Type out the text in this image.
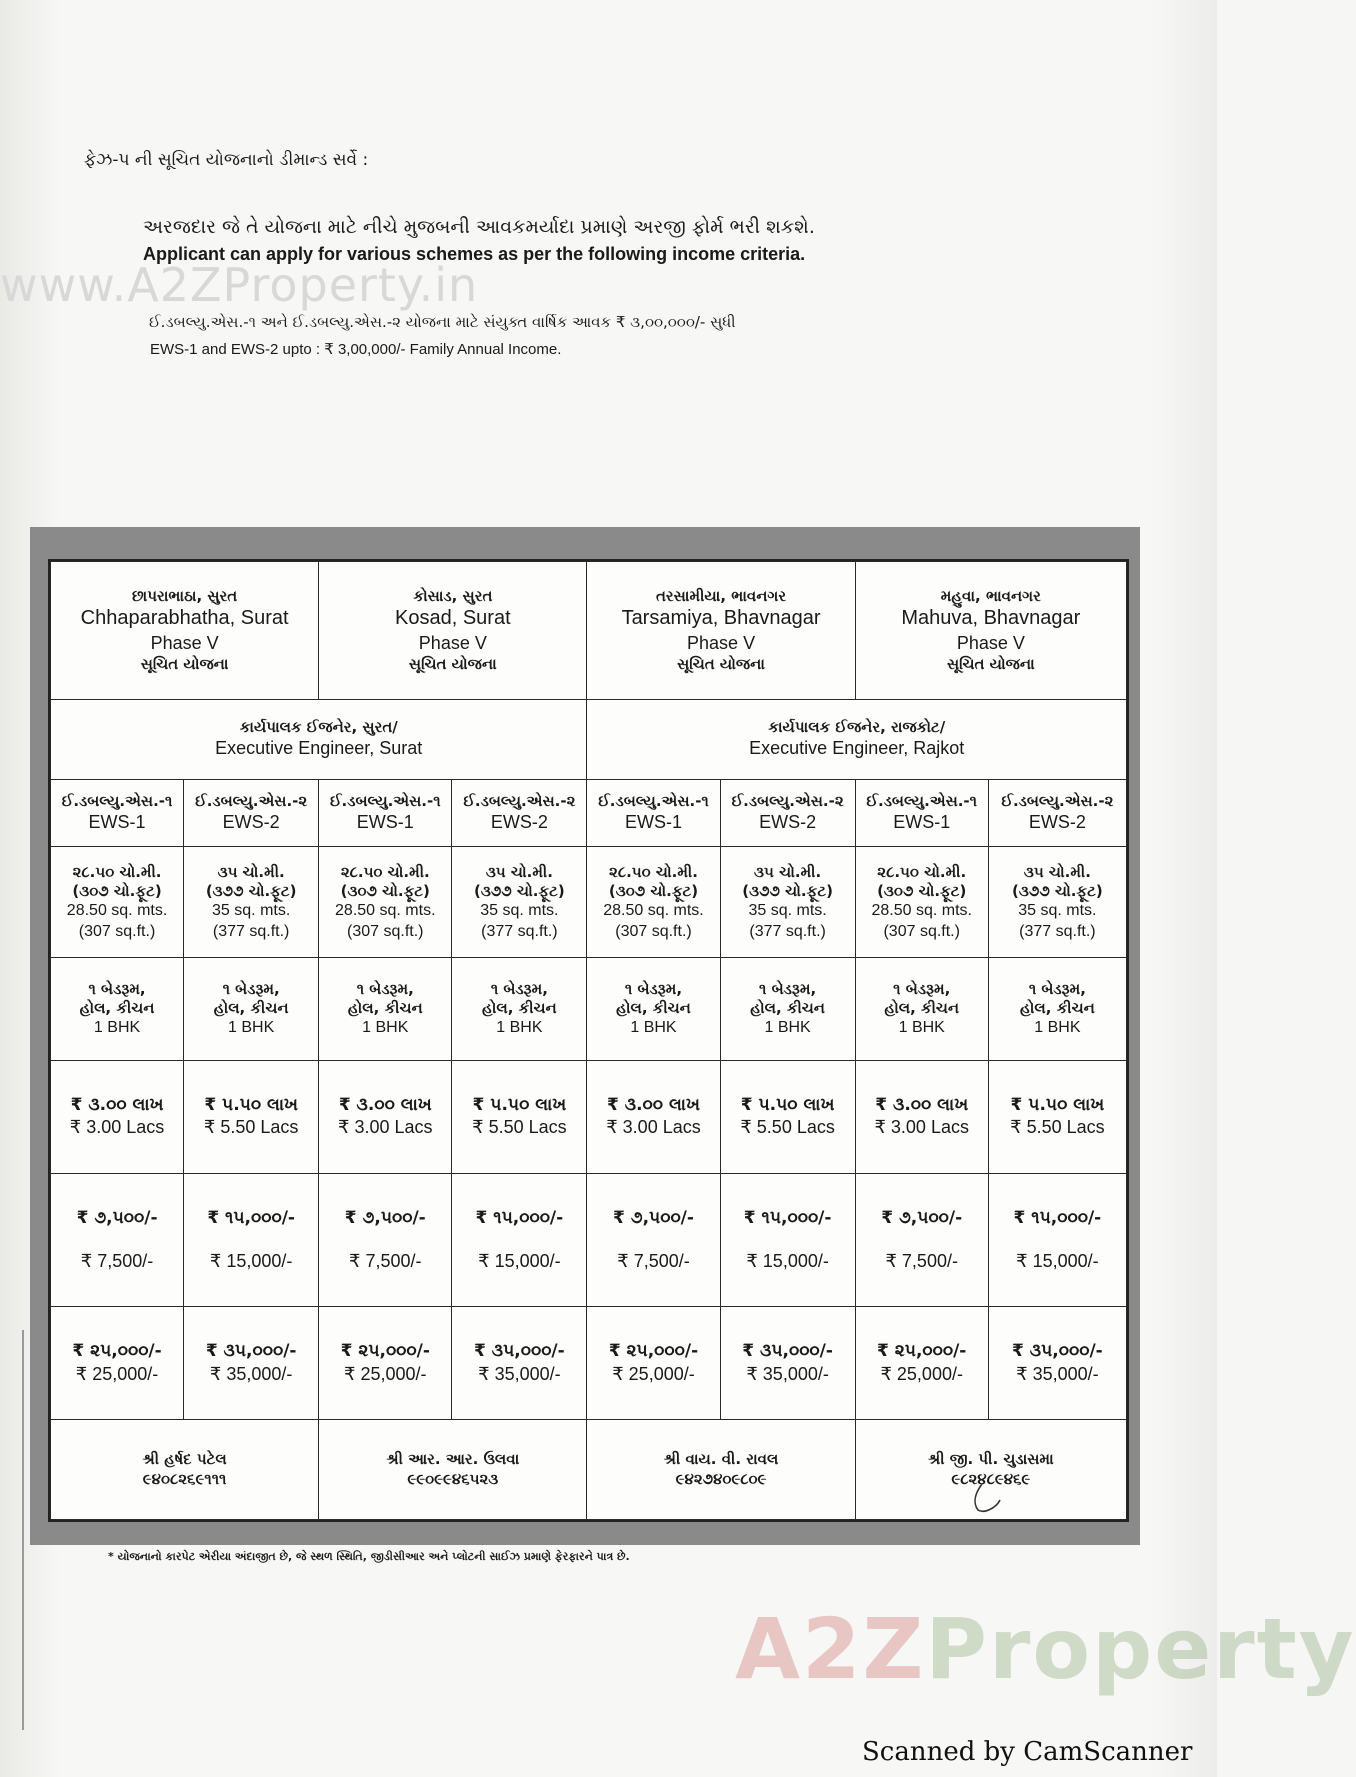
www.A2ZProperty.in
ફેઝ-પ ની સૂચિત યોજનાનો ડીમાન્ડ સર્વે :
અરજદાર જે તે યોજના માટે નીચે મુજબની આવકમર્યાદા પ્રમાણે અરજી ફોર્મ ભરી શકશે.
Applicant can apply for various schemes as per the following income criteria.
ઈ.ડબલ્યુ.એસ.-૧ અને ઈ.ડબલ્યુ.એસ.-૨ યોજના માટે સંયુક્ત વાર્ષિક આવક ₹ ૩,૦૦,૦૦૦/- સુધી
EWS-1 and EWS-2 upto : ₹ 3,00,000/- Family Annual Income.
છાપરાભાઠા, સુરત
Chhaparabhatha, Surat
Phase V
સૂચિત યોજના		કોસાડ, સુરત
Kosad, Surat
Phase V
સૂચિત યોજના		તરસામીયા, ભાવનગર
Tarsamiya, Bhavnagar
Phase V
સૂચિત યોજના		મહુવા, ભાવનગર
Mahuva, Bhavnagar
Phase V
સૂચિત યોજના	

કાર્યપાલક ઈજનેર, સુરત/
Executive Engineer, Surat				કાર્યપાલક ઈજનેર, રાજકોટ/
Executive Engineer, Rajkot			

ઈ.ડબલ્યુ.એસ.-૧
EWS-1	ઈ.ડબલ્યુ.એસ.-૨
EWS-2	ઈ.ડબલ્યુ.એસ.-૧
EWS-1	ઈ.ડબલ્યુ.એસ.-૨
EWS-2	ઈ.ડબલ્યુ.એસ.-૧
EWS-1	ઈ.ડબલ્યુ.એસ.-૨
EWS-2	ઈ.ડબલ્યુ.એસ.-૧
EWS-1	ઈ.ડબલ્યુ.એસ.-૨
EWS-2

૨૮.૫૦ ચો.મી.
(૩૦૭ ચો.ફૂટ)
28.50 sq. mts.
(307 sq.ft.)	૩૫ ચો.મી.
(૩૭૭ ચો.ફૂટ)
35 sq. mts.
(377 sq.ft.)	૨૮.૫૦ ચો.મી.
(૩૦૭ ચો.ફૂટ)
28.50 sq. mts.
(307 sq.ft.)	૩૫ ચો.મી.
(૩૭૭ ચો.ફૂટ)
35 sq. mts.
(377 sq.ft.)	૨૮.૫૦ ચો.મી.
(૩૦૭ ચો.ફૂટ)
28.50 sq. mts.
(307 sq.ft.)	૩૫ ચો.મી.
(૩૭૭ ચો.ફૂટ)
35 sq. mts.
(377 sq.ft.)	૨૮.૫૦ ચો.મી.
(૩૦૭ ચો.ફૂટ)
28.50 sq. mts.
(307 sq.ft.)	૩૫ ચો.મી.
(૩૭૭ ચો.ફૂટ)
35 sq. mts.
(377 sq.ft.)

૧ બેડરૂમ,
હોલ, કીચન
1 BHK	૧ બેડરૂમ,
હોલ, કીચન
1 BHK	૧ બેડરૂમ,
હોલ, કીચન
1 BHK	૧ બેડરૂમ,
હોલ, કીચન
1 BHK	૧ બેડરૂમ,
હોલ, કીચન
1 BHK	૧ બેડરૂમ,
હોલ, કીચન
1 BHK	૧ બેડરૂમ,
હોલ, કીચન
1 BHK	૧ બેડરૂમ,
હોલ, કીચન
1 BHK

₹ ૩.૦૦ લાખ
₹ 3.00 Lacs	₹ ૫.૫૦ લાખ
₹ 5.50 Lacs	₹ ૩.૦૦ લાખ
₹ 3.00 Lacs	₹ ૫.૫૦ લાખ
₹ 5.50 Lacs	₹ ૩.૦૦ લાખ
₹ 3.00 Lacs	₹ ૫.૫૦ લાખ
₹ 5.50 Lacs	₹ ૩.૦૦ લાખ
₹ 3.00 Lacs	₹ ૫.૫૦ લાખ
₹ 5.50 Lacs

₹ ૭,૫૦૦/-

₹ 7,500/-	₹ ૧૫,૦૦૦/-

₹ 15,000/-	₹ ૭,૫૦૦/-

₹ 7,500/-	₹ ૧૫,૦૦૦/-

₹ 15,000/-	₹ ૭,૫૦૦/-

₹ 7,500/-	₹ ૧૫,૦૦૦/-

₹ 15,000/-	₹ ૭,૫૦૦/-

₹ 7,500/-	₹ ૧૫,૦૦૦/-

₹ 15,000/-

₹ ૨૫,૦૦૦/-
₹ 25,000/-	₹ ૩૫,૦૦૦/-
₹ 35,000/-	₹ ૨૫,૦૦૦/-
₹ 25,000/-	₹ ૩૫,૦૦૦/-
₹ 35,000/-	₹ ૨૫,૦૦૦/-
₹ 25,000/-	₹ ૩૫,૦૦૦/-
₹ 35,000/-	₹ ૨૫,૦૦૦/-
₹ 25,000/-	₹ ૩૫,૦૦૦/-
₹ 35,000/-

શ્રી હર્ષદ પટેલ
૯૪૦૮૨૬૯૧૧૧		શ્રી આર. આર. ઉલવા
૯૯૦૯૯૪૬૫૨૩		શ્રી વાય. વી. રાવલ
૯૪૨૭૪૦૯૮૦૯		શ્રી જી. પી. ચુડાસમા
૯૮૨૪૮૯૪૬૯	
* યોજનાનો કારપેટ એરીયા અંદાજીત છે, જે સ્થળ સ્થિતિ, જીડીસીઆર અને પ્લોટની સાઈઝ પ્રમાણે ફેરફારને પાત્ર છે.
A2ZProperty
Scanned by CamScanner
